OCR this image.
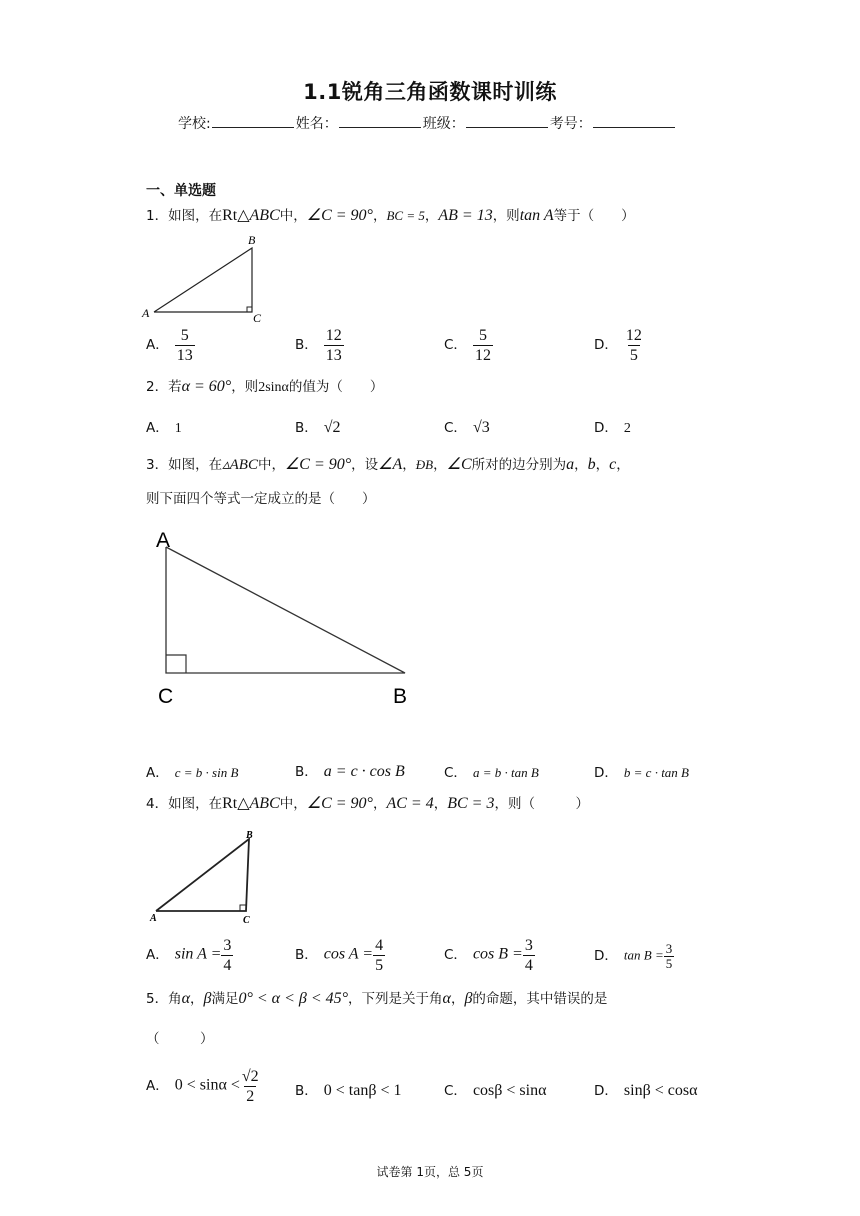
1.1锐角三角函数课时训练
学校:	姓名：	班级：	考号：
一、单选题
1．如图，在Rt△ABC中，∠C = 90°，BC = 5，AB = 13，则tan A等于（　　）
A
B
C
A． $\frac{5}{13}$	B． $\frac{12}{13}$	C． $\frac{5}{12}$	D． $\frac{12}{5}$
2．若α = 60°，则2sinα的值为（　　）
A． 1	B． √2	C． √3	D． 2
3．如图，在▵ABC中，∠C = 90°，设∠A，ÐB，∠C所对的边分别为a，b，c，
则下面四个等式一定成立的是（　　）
A
C	B
A． c = b · sin B	B． a = c · cos B	C． a = b · tan B	D． b = c · tan B
4．如图，在Rt△ABC中，∠C = 90°，AC = 4，BC = 3，则（　　　）
A
B
C
A． $\sin A = \frac{3}{4}$	B． $\cos A = \frac{4}{5}$	C． $\cos B = \frac{3}{4}$	D． $\tan B = \frac{3}{5}$
5．角α，β满足0° < α < β < 45°，下列是关于角α，β的命题，其中错误的是
（　　　）
A． $0 < \sin\alpha < \frac{√2}{2}$	B． 0 < tanβ < 1	C． cosβ < sinα	D． sinβ < cosα
试卷第 1页，总 5页
